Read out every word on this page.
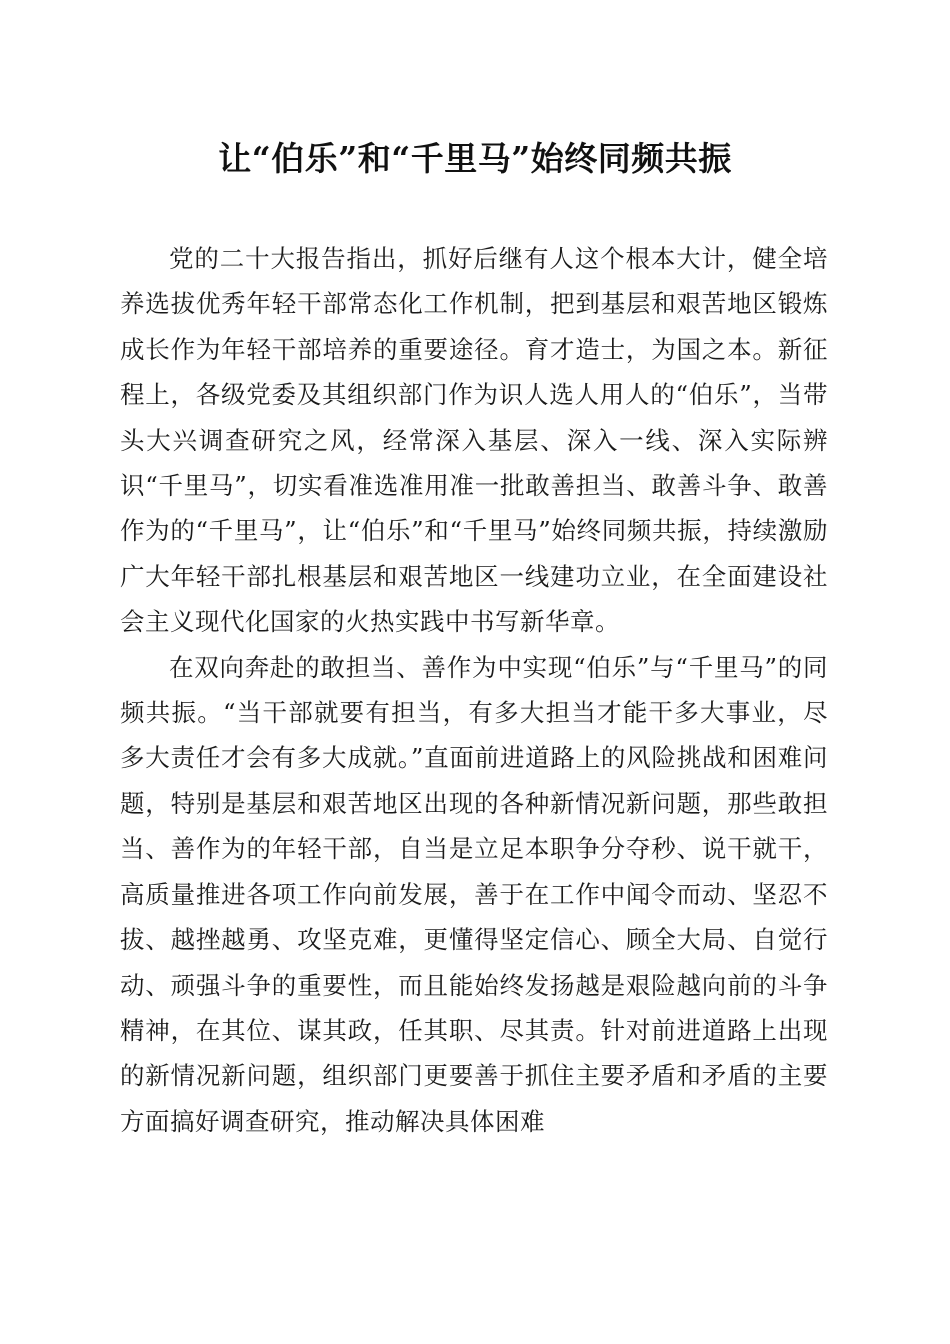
让“伯乐”和“千里马”始终同频共振

党的二十大报告指出，抓好后继有人这个根本大计，健全培养选拔优秀年轻干部常态化工作机制，把到基层和艰苦地区锻炼成长作为年轻干部培养的重要途径。育才造士，为国之本。新征程上，各级党委及其组织部门作为识人选人用人的“伯乐”，当带头大兴调查研究之风，经常深入基层、深入一线、深入实际辨识“千里马”，切实看准选准用准一批敢善担当、敢善斗争、敢善作为的“千里马”，让“伯乐”和“千里马”始终同频共振，持续激励广大年轻干部扎根基层和艰苦地区一线建功立业，在全面建设社会主义现代化国家的火热实践中书写新华章。

在双向奔赴的敢担当、善作为中实现“伯乐”与“千里马”的同频共振。“当干部就要有担当，有多大担当才能干多大事业，尽多大责任才会有多大成就。”直面前进道路上的风险挑战和困难问题，特别是基层和艰苦地区出现的各种新情况新问题，那些敢担当、善作为的年轻干部，自当是立足本职争分夺秒、说干就干，高质量推进各项工作向前发展，善于在工作中闻令而动、坚忍不拔、越挫越勇、攻坚克难，更懂得坚定信心、顾全大局、自觉行动、顽强斗争的重要性，而且能始终发扬越是艰险越向前的斗争精神，在其位、谋其政，任其职、尽其责。针对前进道路上出现的新情况新问题，组织部门更要善于抓住主要矛盾和矛盾的主要方面搞好调查研究，推动解决具体困难
